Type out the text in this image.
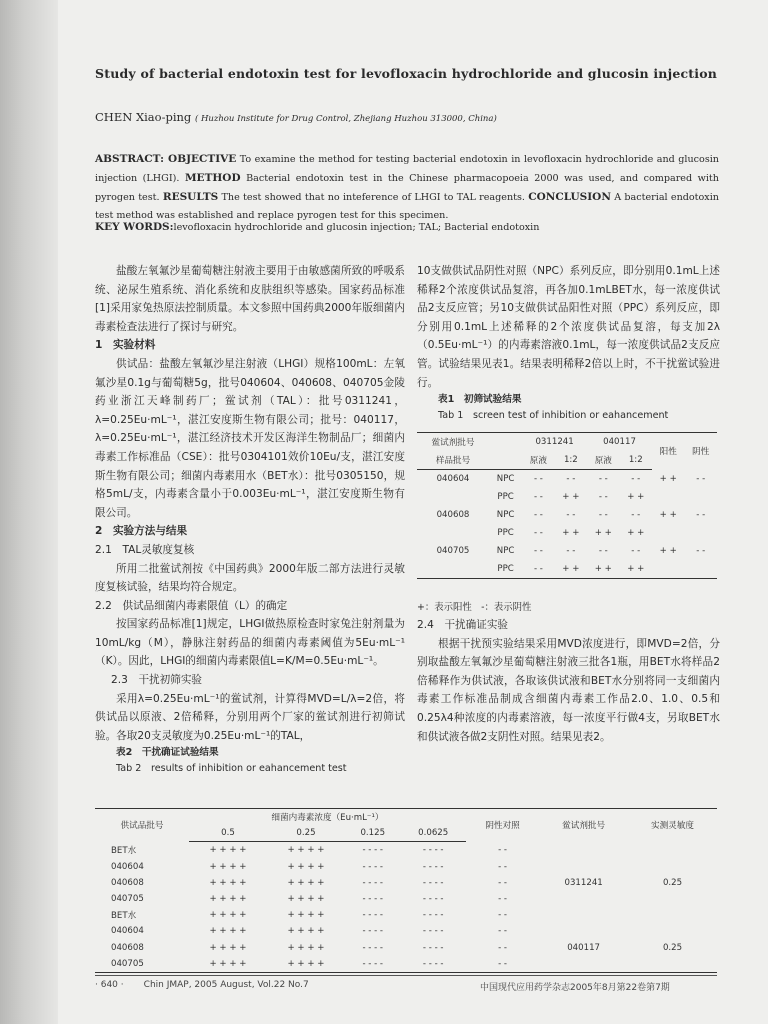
Study of bacterial endotoxin test for levofloxacin hydrochloride and glucosin injection
CHEN Xiao-ping ( Huzhou Institute for Drug Control, Zhejiang Huzhou 313000, China)
ABSTRACT: OBJECTIVE To examine the method for testing bacterial endotoxin in levofloxacin hydrochloride and glucosin injection (LHGI). METHOD Bacterial endotoxin test in the Chinese pharmacopoeia 2000 was used, and compared with pyrogen test. RESULTS The test showed that no inteference of LHGI to TAL reagents. CONCLUSION A bacterial endotoxin test method was established and replace pyrogen test for this specimen.
KEY WORDS:levofloxacin hydrochloride and glucosin injection; TAL; Bacterial endotoxin

盐酸左氧氟沙星葡萄糖注射液主要用于由敏感菌所致的呼吸系统、泌尿生殖系统、消化系统和皮肤组织等感染。国家药品标准[1]采用家兔热原法控制质量。本文参照中国药典2000年版细菌内毒素检查法进行了探讨与研究。

1　实验材料

供试品：盐酸左氧氟沙星注射液（LHGI）规格100mL：左氧氟沙星0.1g与葡萄糖5g，批号040604、040608、040705金陵药业浙江天峰制药厂；鲎试剂（TAL）：批号0311241，λ=0.25Eu·mL⁻¹，湛江安度斯生物有限公司；批号：040117，λ=0.25Eu·mL⁻¹，湛江经济技术开发区海洋生物制品厂；细菌内毒素工作标准品（CSE）：批号0304101效价10Eu/支，湛江安度斯生物有限公司；细菌内毒素用水（BET水）：批号0305150，规格5mL/支，内毒素含量小于0.003Eu·mL⁻¹，湛江安度斯生物有限公司。

2　实验方法与结果

2.1　TAL灵敏度复核

所用二批鲎试剂按《中国药典》2000年版二部方法进行灵敏度复核试验，结果均符合规定。

2.2　供试品细菌内毒素限值（L）的确定

按国家药品标准[1]规定，LHGI做热原检查时家兔注射剂量为10mL/kg（M），静脉注射药品的细菌内毒素阈值为5Eu·mL⁻¹（K）。因此，LHGI的细菌内毒素限值L=K/M=0.5Eu·mL⁻¹。

2.3　干扰初筛实验

采用λ=0.25Eu·mL⁻¹的鲎试剂，计算得MVD=L/λ=2倍，将供试品以原液、2倍稀释，分别用两个厂家的鲎试剂进行初筛试验。各取20支灵敏度为0.25Eu·mL⁻¹的TAL，

表2　干扰确证试验结果

Tab 2　results of inhibition or eahancement test

10支做供试品阴性对照（NPC）系列反应，即分别用0.1mL上述稀释2个浓度供试品复溶，再各加0.1mLBET水，每一浓度供试品2支反应管；另10支做供试品阳性对照（PPC）系列反应，即分别用0.1mL上述稀释的2个浓度供试品复溶，每支加2λ（0.5Eu·mL⁻¹）的内毒素溶液0.1mL，每一浓度供试品2支反应管。试验结果见表1。结果表明稀释2倍以上时，不干扰鲎试验进行。

表1　初筛试验结果

Tab 1　screen test of inhibition or eahancement

鲎试剂批号		0311241		040117		阳性	阴性
样品批号		原液	1:2	原液	1:2		
040604	NPC	- -	- -	- -	- -	+ +	- -
	PPC	- -	+ +	- -	+ +		
040608	NPC	- -	- -	- -	- -	+ +	- -
	PPC	- -	+ +	+ +	+ +		
040705	NPC	- -	- -	- -	- -	+ +	- -
	PPC	- -	+ +	+ +	+ +		
+：表示阳性　-：表示阴性

2.4　干扰确证实验

根据干扰预实验结果采用MVD浓度进行，即MVD=2倍，分别取盐酸左氧氟沙星葡萄糖注射液三批各1瓶，用BET水将样品2倍稀释作为供试液，各取该供试液和BET水分别将同一支细菌内毒素工作标准品制成含细菌内毒素工作品2.0、1.0、0.5和0.25λ4种浓度的内毒素溶液，每一浓度平行做4支，另取BET水和供试液各做2支阴性对照。结果见表2。

供试品批号	细菌内毒素浓度（Eu·mL⁻¹）				阴性对照	鲎试剂批号	实测灵敏度
	0.5	0.25	0.125	0.0625			
BET水	+ + + +	+ + + +	- - - -	- - - -	- -		
040604	+ + + +	+ + + +	- - - -	- - - -	- -		
040608	+ + + +	+ + + +	- - - -	- - - -	- -	0311241	0.25
040705	+ + + +	+ + + +	- - - -	- - - -	- -		
BET水	+ + + +	+ + + +	- - - -	- - - -	- -		
040604	+ + + +	+ + + +	- - - -	- - - -	- -		
040608	+ + + +	+ + + +	- - - -	- - - -	- -	040117	0.25
040705	+ + + +	+ + + +	- - - -	- - - -	- -		
· 640 · Chin JMAP, 2005 August, Vol.22 No.7	中国现代应用药学杂志2005年8月第22卷第7期
